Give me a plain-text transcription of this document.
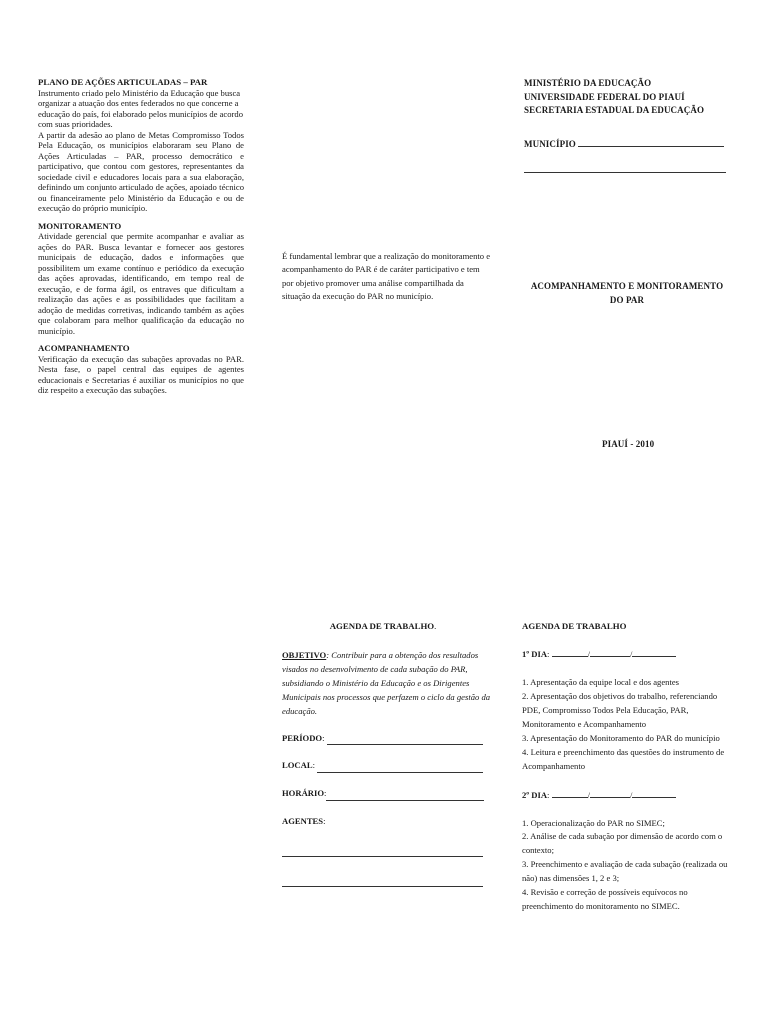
PLANO DE AÇÕES ARTICULADAS – PAR

Instrumento criado pelo Ministério da Educação que busca organizar a atuação dos entes federados no que concerne a educação do país, foi elaborado pelos municípios de acordo com suas prioridades.

A partir da adesão ao plano de Metas Compromisso Todos Pela Educação, os municípios elaboraram seu Plano de Ações Articuladas – PAR, processo democrático e participativo, que contou com gestores, representantes da sociedade civil e educadores locais para a sua elaboração, definindo um conjunto articulado de ações, apoiado técnico ou financeiramente pelo Ministério da Educação e ou de execução do próprio município.

MONITORAMENTO

Atividade gerencial que permite acompanhar e avaliar as ações do PAR. Busca levantar e fornecer aos gestores municipais de educação, dados e informações que possibilitem um exame contínuo e periódico da execução das ações aprovadas, identificando, em tempo real de execução, e de forma ágil, os entraves que dificultam a realização das ações e as possibilidades que facilitam a adoção de medidas corretivas, indicando também as ações que colaboram para melhor qualificação da educação no município.

ACOMPANHAMENTO

Verificação da execução das subações aprovadas no PAR. Nesta fase, o papel central das equipes de agentes educacionais e Secretarias é auxiliar os municípios no que diz respeito a execução das subações.

É fundamental lembrar que a realização do monitoramento e acompanhamento do PAR é de caráter participativo e tem por objetivo promover uma análise compartilhada da situação da execução do PAR no município.

MINISTÉRIO DA EDUCAÇÃO
UNIVERSIDADE FEDERAL DO PIAUÍ
SECRETARIA ESTADUAL DA EDUCAÇÃO
MUNICÍPIO
ACOMPANHAMENTO E MONITORAMENTO
DO PAR
PIAUÍ - 2010
AGENDA DE TRABALHO.

OBJETIVO: Contribuir para a obtenção dos resultados visados no desenvolvimento de cada subação do PAR, subsidiando o Ministério da Educação e os Dirigentes Municipais nos processos que perfazem o ciclo da gestão da educação.

PERÍODO :
LOCAL :
HORÁRIO :
AGENTES:
AGENDA DE TRABALHO
1º DIA:	/	/

1. Apresentação da equipe local e dos agentes

2. Apresentação dos objetivos do trabalho, referenciando PDE, Compromisso Todos Pela Educação, PAR, Monitoramento e Acompanhamento

3. Apresentação do Monitoramento do PAR do município

4. Leitura e preenchimento das questões do instrumento de Acompanhamento

2º DIA:	/	/

1. Operacionalização do PAR no SIMEC;

2. Análise de cada subação por dimensão de acordo com o contexto;

3. Preenchimento e avaliação de cada subação (realizada ou não) nas dimensões 1, 2 e 3;

4. Revisão e correção de possíveis equívocos no preenchimento do monitoramento no SIMEC.
